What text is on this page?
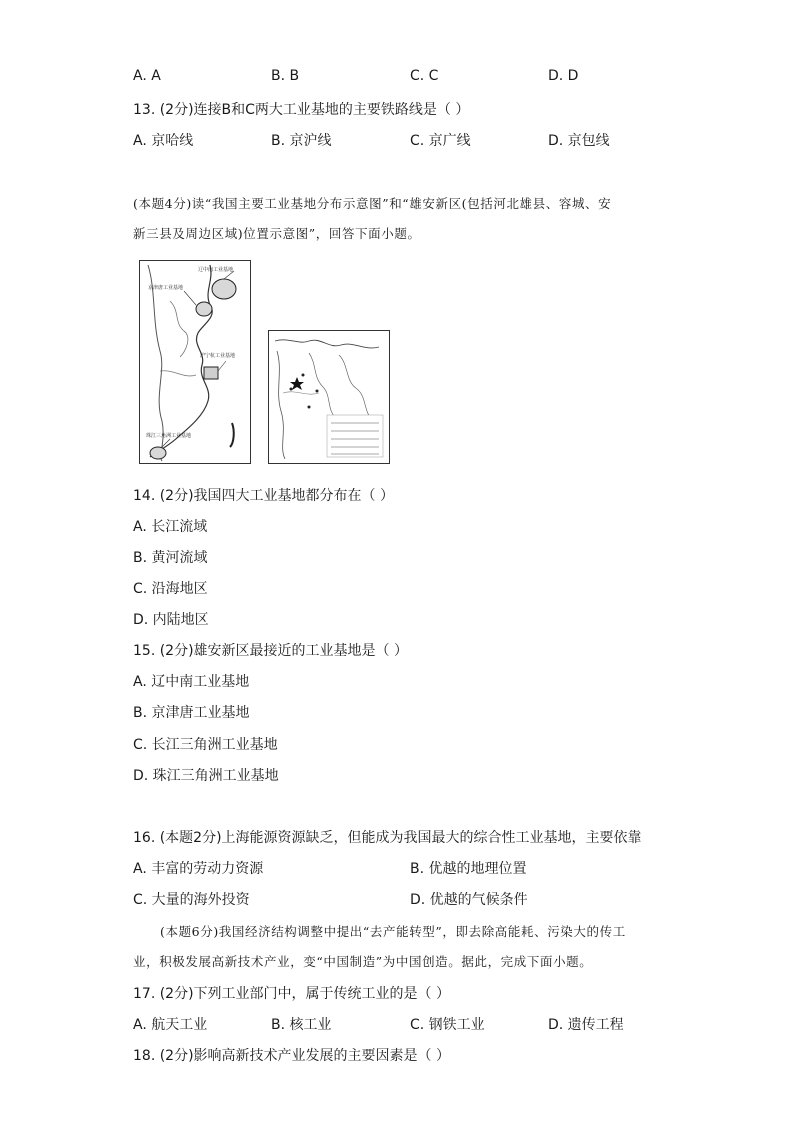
A. A	B. B	C. C	D. D
13. (2分)连接B和C两大工业基地的主要铁路线是（ ）
A. 京哈线	B. 京沪线	C. 京广线	D. 京包线
(本题4分)读“我国主要工业基地分布示意图”和“雄安新区(包括河北雄县、容城、安
新三县及周边区域)位置示意图”，回答下面小题。
辽中南工业基地
京津唐工业基地
沪宁杭工业基地
珠江三角洲工业基地
14. (2分)我国四大工业基地都分布在（ ）
A. 长江流域
B. 黄河流域
C. 沿海地区
D. 内陆地区
15. (2分)雄安新区最接近的工业基地是（ ）
A. 辽中南工业基地
B. 京津唐工业基地
C. 长江三角洲工业基地
D. 珠江三角洲工业基地
16. (本题2分)上海能源资源缺乏，但能成为我国最大的综合性工业基地，主要依靠
A. 丰富的劳动力资源	B. 优越的地理位置
C. 大量的海外投资	D. 优越的气候条件
(本题6分)我国经济结构调整中提出“去产能转型”，即去除高能耗、污染大的传工
业，积极发展高新技术产业，变“中国制造”为中国创造。据此，完成下面小题。
17. (2分)下列工业部门中，属于传统工业的是（ ）
A. 航天工业	B. 核工业	C. 钢铁工业	D. 遗传工程
18. (2分)影响高新技术产业发展的主要因素是（ ）
